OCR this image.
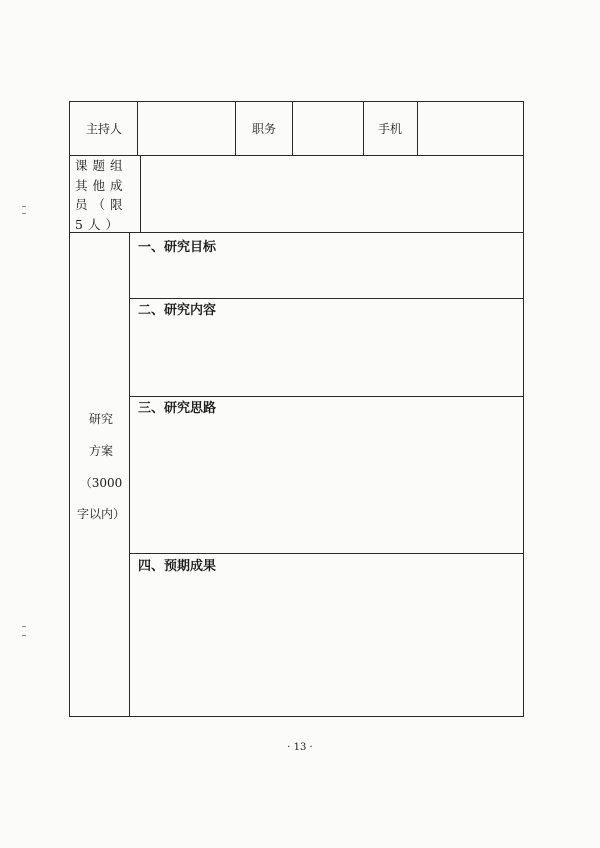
主持人	职务	手机
课题组其他成员（限5人）
研究
方案
（3000
字以内）
一、研究目标
二、研究内容
三、研究思路
四、预期成果
· 13 ·
